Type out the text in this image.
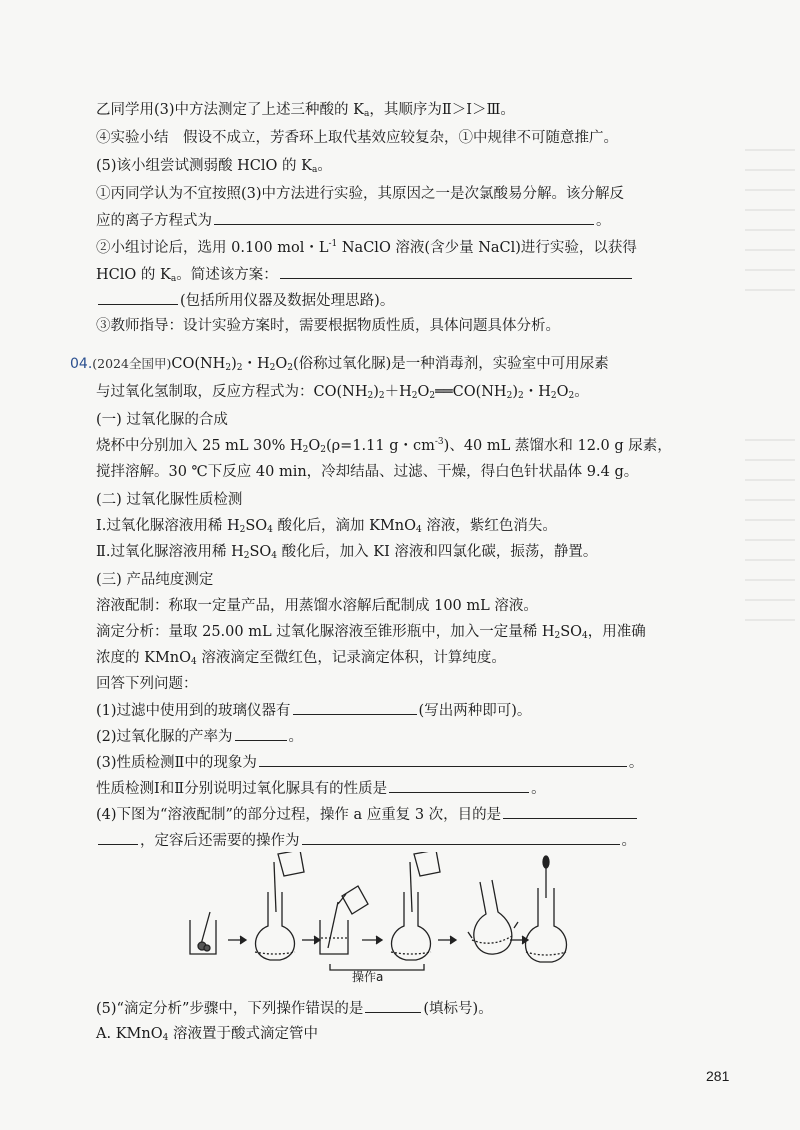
乙同学用(3)中方法测定了上述三种酸的 $K_a$，其顺序为Ⅱ＞Ⅰ＞Ⅲ。
④实验小结　假设不成立，芳香环上取代基效应较复杂，①中规律不可随意推广。
(5)该小组尝试测弱酸 HClO 的 $K_a$。
①丙同学认为不宜按照(3)中方法进行实验，其原因之一是次氯酸易分解。该分解反
应的离子方程式为	。
②小组讨论后，选用 0.100 mol・$L^{-1}$ NaClO 溶液(含少量 NaCl)进行实验，以获得
HClO 的 $K_a$。简述该方案：
(包括所用仪器及数据处理思路)。
③教师指导：设计实验方案时，需要根据物质性质，具体问题具体分析。
04.(2024全国甲)$CO(NH_2)_2$・$H_2O_2$(俗称过氧化脲)是一种消毒剂，实验室中可用尿素
与过氧化氢制取，反应方程式为：$CO(NH_2)_2+H_2O_2══CO(NH_2)_2$・$H_2O_2$。
(一) 过氧化脲的合成
烧杯中分别加入 25 mL 30% $H_2O_2(\rho=1.11$ g・$cm^{-3}$)、40 mL 蒸馏水和 12.0 g 尿素，
搅拌溶解。30 ℃下反应 40 min，冷却结晶、过滤、干燥，得白色针状晶体 9.4 g。
(二) 过氧化脲性质检测
Ⅰ.过氧化脲溶液用稀 $H_2SO_4$ 酸化后，滴加 KMnO$_4$ 溶液，紫红色消失。
Ⅱ.过氧化脲溶液用稀 $H_2SO_4$ 酸化后，加入 KI 溶液和四氯化碳，振荡，静置。
(三) 产品纯度测定
溶液配制：称取一定量产品，用蒸馏水溶解后配制成 100 mL 溶液。
滴定分析：量取 25.00 mL 过氧化脲溶液至锥形瓶中，加入一定量稀 $H_2SO_4$，用准确
浓度的 KMnO$_4$ 溶液滴定至微红色，记录滴定体积，计算纯度。
回答下列问题：
(1)过滤中使用到的玻璃仪器有	(写出两种即可)。
(2)过氧化脲的产率为	。
(3)性质检测Ⅱ中的现象为	。
性质检测Ⅰ和Ⅱ分别说明过氧化脲具有的性质是	。
(4)下图为“溶液配制”的部分过程，操作 a 应重复 3 次，目的是
，定容后还需要的操作为	。
操作a
(5)“滴定分析”步骤中，下列操作错误的是	(填标号)。
A. KMnO$_4$ 溶液置于酸式滴定管中
281
